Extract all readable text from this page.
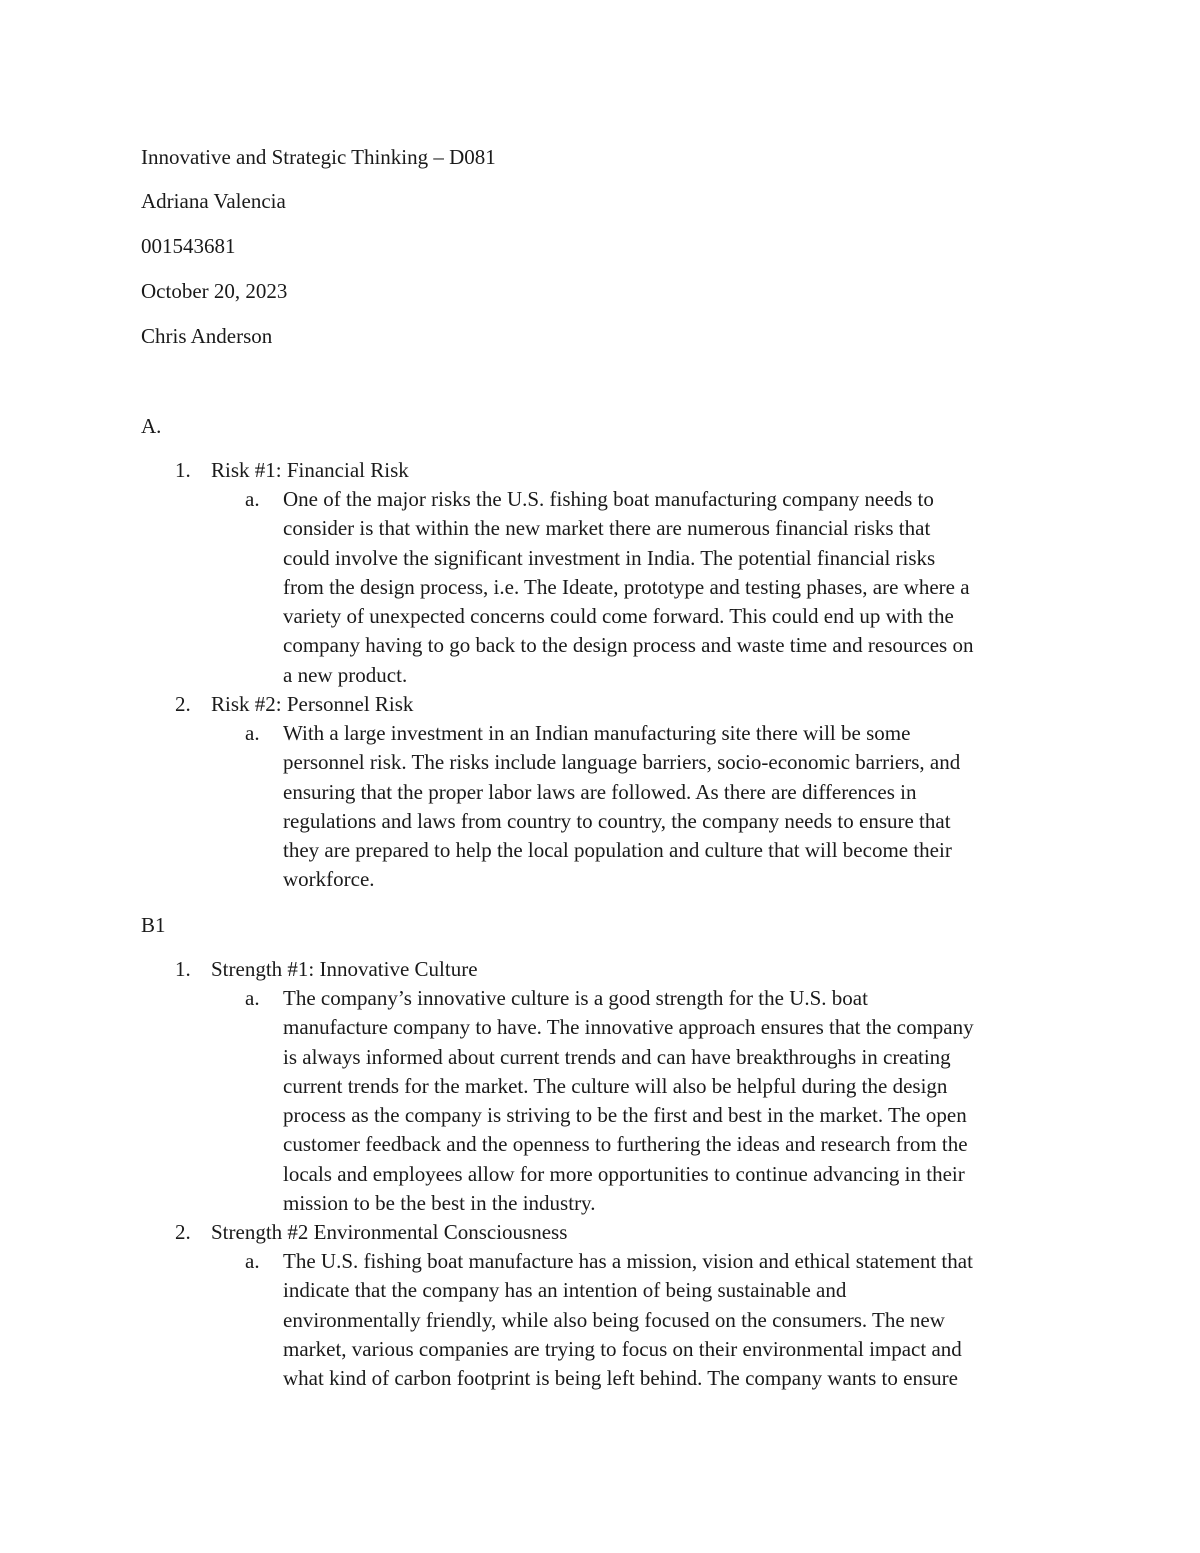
Innovative and Strategic Thinking – D081
Adriana Valencia
001543681
October 20, 2023
Chris Anderson
A.
1. Risk #1: Financial Risk
a. One of the major risks the U.S. fishing boat manufacturing company needs to
consider is that within the new market there are numerous financial risks that
could involve the significant investment in India. The potential financial risks
from the design process, i.e. The Ideate, prototype and testing phases, are where a
variety of unexpected concerns could come forward. This could end up with the
company having to go back to the design process and waste time and resources on
a new product.
2. Risk #2: Personnel Risk
a. With a large investment in an Indian manufacturing site there will be some
personnel risk. The risks include language barriers, socio-economic barriers, and
ensuring that the proper labor laws are followed. As there are differences in
regulations and laws from country to country, the company needs to ensure that
they are prepared to help the local population and culture that will become their
workforce.
B1
1. Strength #1: Innovative Culture
a. The company’s innovative culture is a good strength for the U.S. boat
manufacture company to have. The innovative approach ensures that the company
is always informed about current trends and can have breakthroughs in creating
current trends for the market. The culture will also be helpful during the design
process as the company is striving to be the first and best in the market. The open
customer feedback and the openness to furthering the ideas and research from the
locals and employees allow for more opportunities to continue advancing in their
mission to be the best in the industry.
2. Strength #2 Environmental Consciousness
a. The U.S. fishing boat manufacture has a mission, vision and ethical statement that
indicate that the company has an intention of being sustainable and
environmentally friendly, while also being focused on the consumers. The new
market, various companies are trying to focus on their environmental impact and
what kind of carbon footprint is being left behind. The company wants to ensure
